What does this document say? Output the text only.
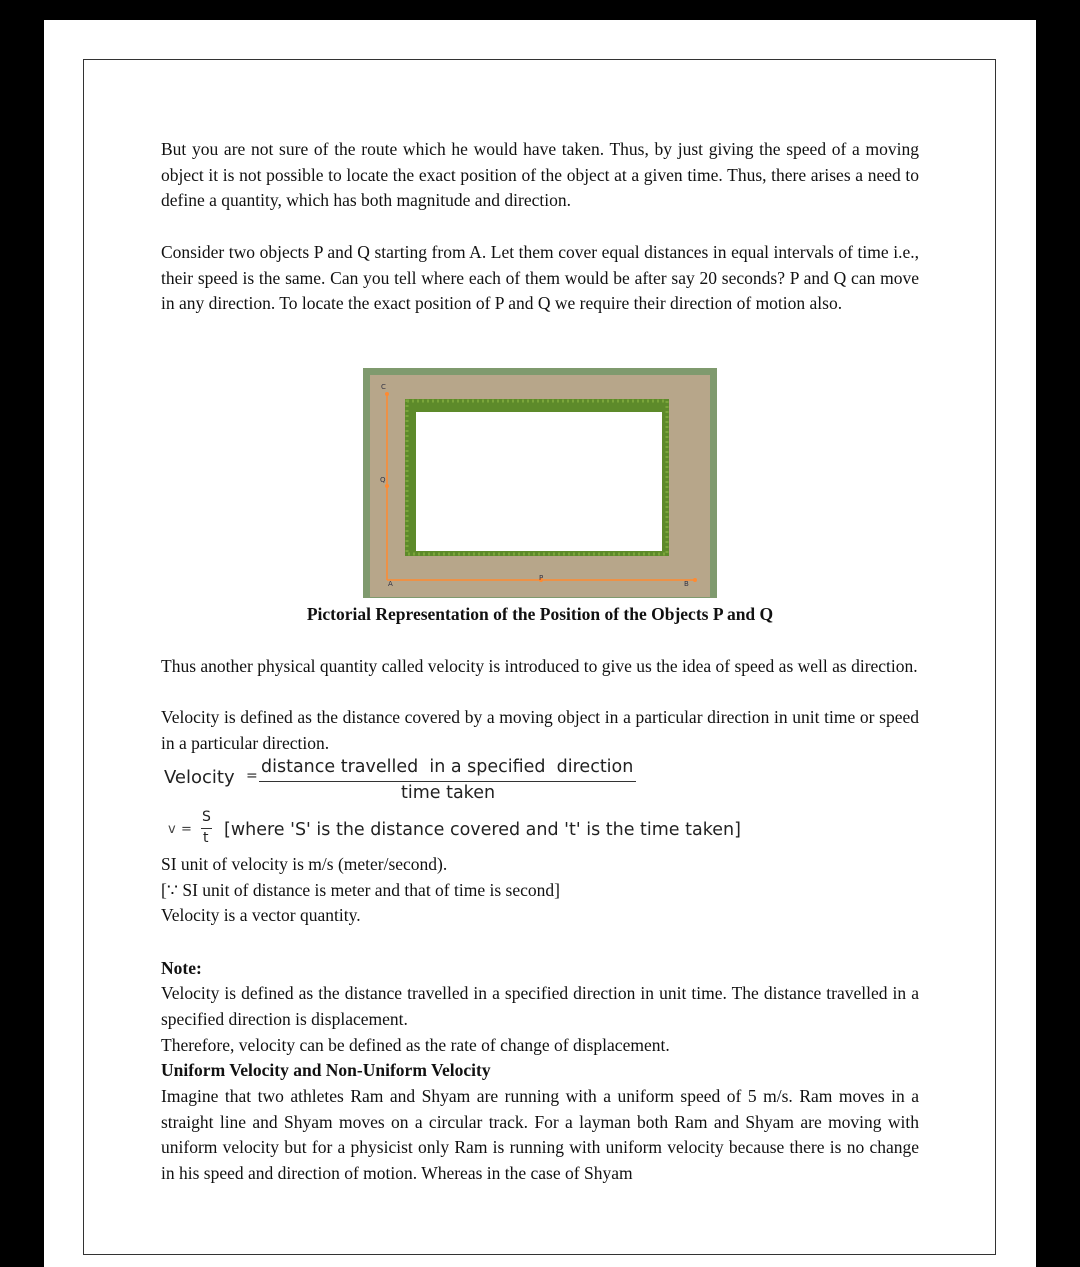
But you are not sure of the route which he would have taken. Thus, by just giving the speed of a moving object it is not possible to locate the exact position of the object at a given time. Thus, there arises a need to define a quantity, which has both magnitude and direction.

Consider two objects P and Q starting from A. Let them cover equal distances in equal intervals of time i.e., their speed is the same. Can you tell where each of them would be after say 20 seconds? P and Q can move in any direction. To locate the exact position of P and Q we require their direction of motion also.

C
Q
A
P
B
Pictorial Representation of the Position of the Objects P and Q

Thus another physical quantity called velocity is introduced to give us the idea of speed as well as direction.

Velocity is defined as the distance covered by a moving object in a particular direction in unit time or speed in a particular direction.

Velocity = distance travelled  in a specified  direction
time taken
v =
S
t [where 'S' is the distance covered and 't' is the time taken]

SI unit of velocity is m/s (meter/second).

[∵ SI unit of distance is meter and that of time is second]

Velocity is a vector quantity.

Note:

Velocity is defined as the distance travelled in a specified direction in unit time. The distance travelled in a specified direction is displacement.

Therefore, velocity can be defined as the rate of change of displacement.

Uniform Velocity and Non-Uniform Velocity

Imagine that two athletes Ram and Shyam are running with a uniform speed of 5 m/s. Ram moves in a straight line and Shyam moves on a circular track. For a layman both Ram and Shyam are moving with uniform velocity but for a physicist only Ram is running with uniform velocity because there is no change in his speed and direction of motion. Whereas in the case of Shyam
